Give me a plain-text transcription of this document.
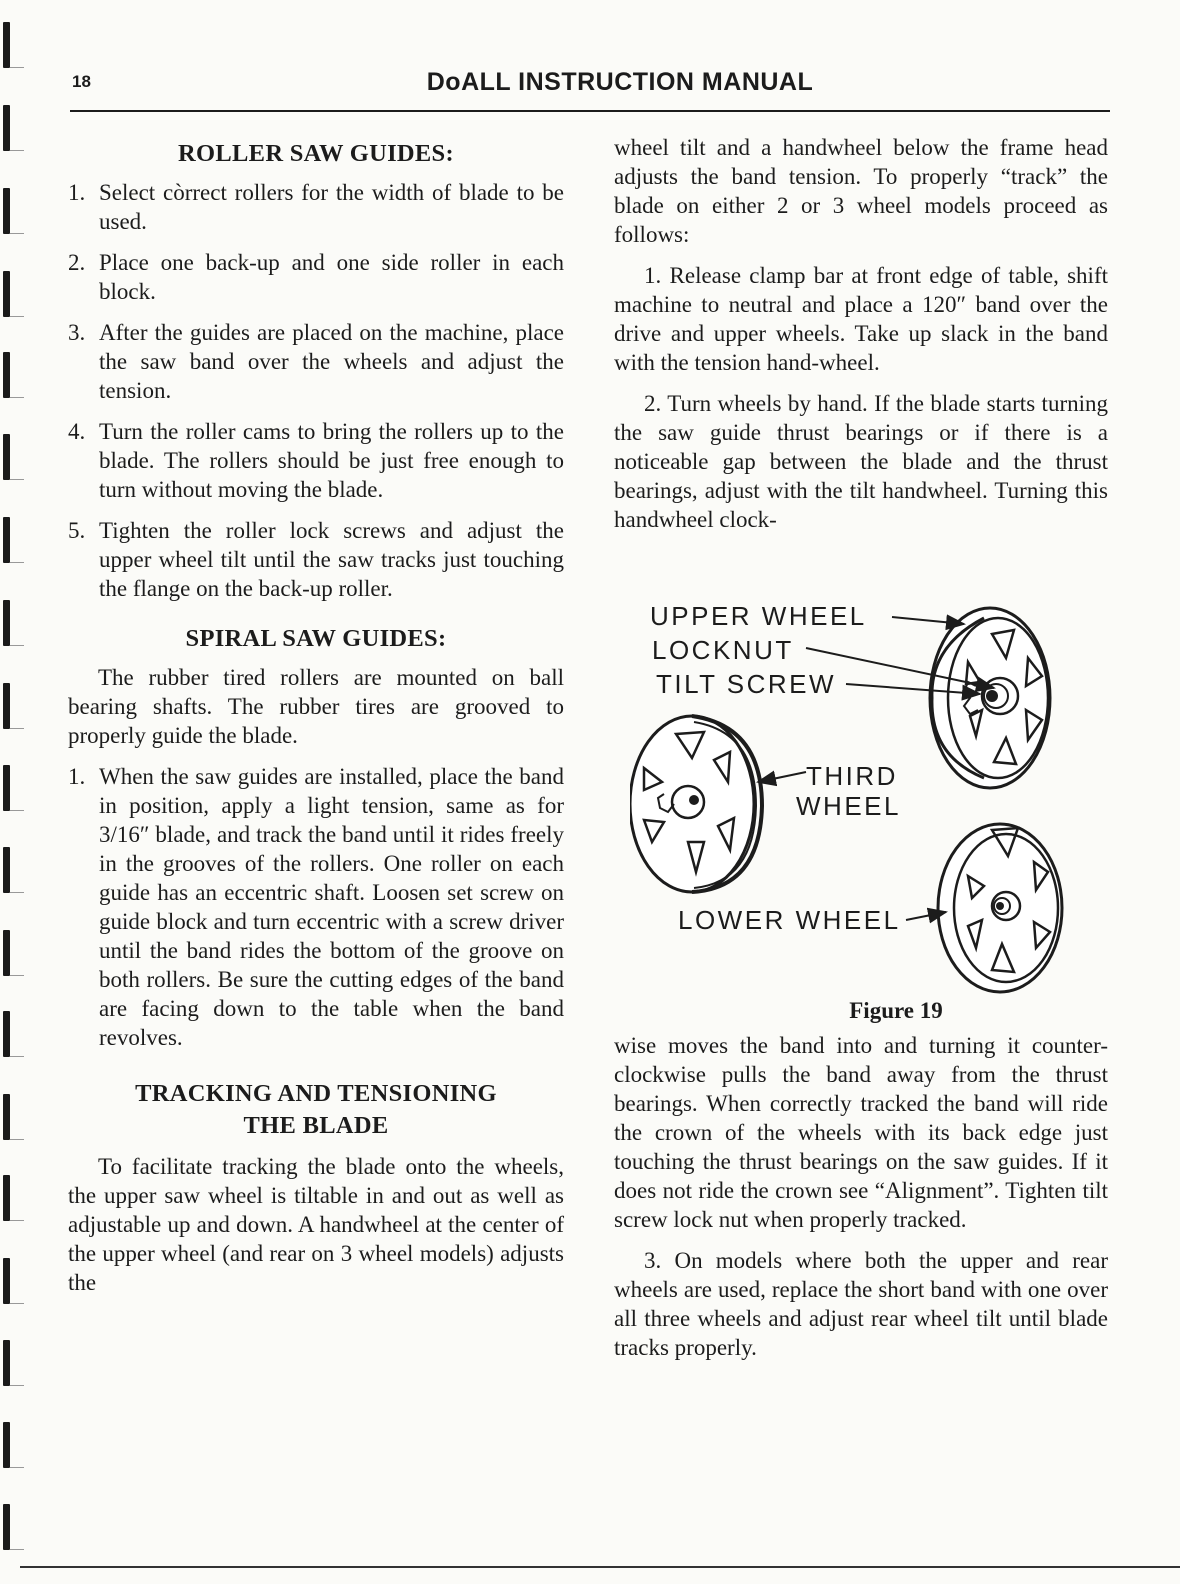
18	DoALL INSTRUCTION MANUAL
ROLLER SAW GUIDES:
1. Select còrrect rollers for the width of blade to be used.
2. Place one back-up and one side roller in each block.
3. After the guides are placed on the machine, place the saw band over the wheels and adjust the tension.
4. Turn the roller cams to bring the rollers up to the blade. The rollers should be just free enough to turn without moving the blade.
5. Tighten the roller lock screws and adjust the upper wheel tilt until the saw tracks just touching the flange on the back-up roller.
SPIRAL SAW GUIDES:

The rubber tired rollers are mounted on ball bearing shafts. The rubber tires are grooved to properly guide the blade.

1. When the saw guides are installed, place the band in position, apply a light tension, same as for 3/16″ blade, and track the band until it rides freely in the grooves of the rollers. One roller on each guide has an eccentric shaft. Loosen set screw on guide block and turn eccentric with a screw driver until the band rides the bottom of the groove on both rollers. Be sure the cutting edges of the band are facing down to the table when the band revolves.
TRACKING AND TENSIONING
THE BLADE

To facilitate tracking the blade onto the wheels, the upper saw wheel is tiltable in and out as well as adjustable up and down. A handwheel at the center of the upper wheel (and rear on 3 wheel models) adjusts the

wheel tilt and a handwheel below the frame head adjusts the band tension. To properly “track” the blade on either 2 or 3 wheel models proceed as follows:

1. Release clamp bar at front edge of table, shift machine to neutral and place a 120″ band over the drive and upper wheels. Take up slack in the band with the tension hand-wheel.

2. Turn wheels by hand. If the blade starts turning the saw guide thrust bearings or if there is a noticeable gap between the blade and the thrust bearings, adjust with the tilt handwheel. Turning this handwheel clock-

UPPER WHEEL
LOCKNUT
TILT SCREW
THIRD
WHEEL
LOWER WHEEL
Figure 19

wise moves the band into and turning it counter-clockwise pulls the band away from the thrust bearings. When correctly tracked the band will ride the crown of the wheels with its back edge just touching the thrust bearings on the saw guides. If it does not ride the crown see “Alignment”. Tighten tilt screw lock nut when properly tracked.

3. On models where both the upper and rear wheels are used, replace the short band with one over all three wheels and adjust rear wheel tilt until blade tracks properly.
